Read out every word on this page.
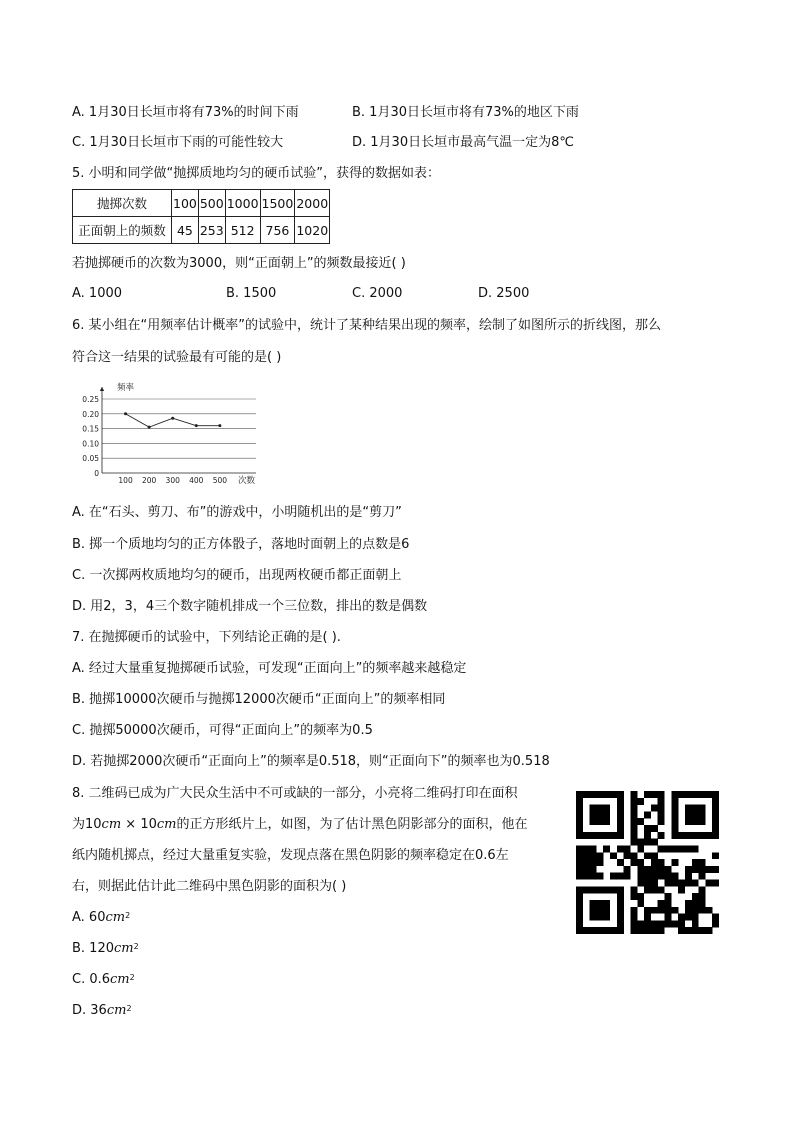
A. 1月30日长垣市将有73%的时间下雨	B. 1月30日长垣市将有73%的地区下雨
C. 1月30日长垣市下雨的可能性较大	D. 1月30日长垣市最高气温一定为8℃
5. 小明和同学做“抛掷质地均匀的硬币试验”，获得的数据如表：
抛掷次数	100	500	1000	1500	2000
正面朝上的频数	45	253	512	756	1020
若抛掷硬币的次数为3000，则“正面朝上”的频数最接近( )
A. 1000	B. 1500	C. 2000	D. 2500
6. 某小组在“用频率估计概率”的试验中，统计了某种结果出现的频率，绘制了如图所示的折线图，那么
符合这一结果的试验最有可能的是( )
0
0.05
0.10
0.15
0.20
0.25
100 200 300 400 500
频率
次数
A. 在“石头、剪刀、布”的游戏中，小明随机出的是“剪刀”
B. 掷一个质地均匀的正方体骰子，落地时面朝上的点数是6
C. 一次掷两枚质地均匀的硬币，出现两枚硬币都正面朝上
D. 用2，3，4三个数字随机排成一个三位数，排出的数是偶数
7. 在抛掷硬币的试验中，下列结论正确的是( ).
A. 经过大量重复抛掷硬币试验，可发现“正面向上”的频率越来越稳定
B. 抛掷10000次硬币与抛掷12000次硬币“正面向上”的频率相同
C. 抛掷50000次硬币，可得“正面向上”的频率为0.5
D. 若抛掷2000次硬币“正面向上”的频率是0.518，则“正面向下”的频率也为0.518
8. 二维码已成为广大民众生活中不可或缺的一部分，小亮将二维码打印在面积
为10cm × 10cm的正方形纸片上，如图，为了估计黑色阴影部分的面积，他在
纸内随机掷点，经过大量重复实验，发现点落在黑色阴影的频率稳定在0.6左
右，则据此估计此二维码中黑色阴影的面积为( )
A. $60cm^2$
B. $120cm^2$
C. $0.6cm^2$
D. $36cm^2$
